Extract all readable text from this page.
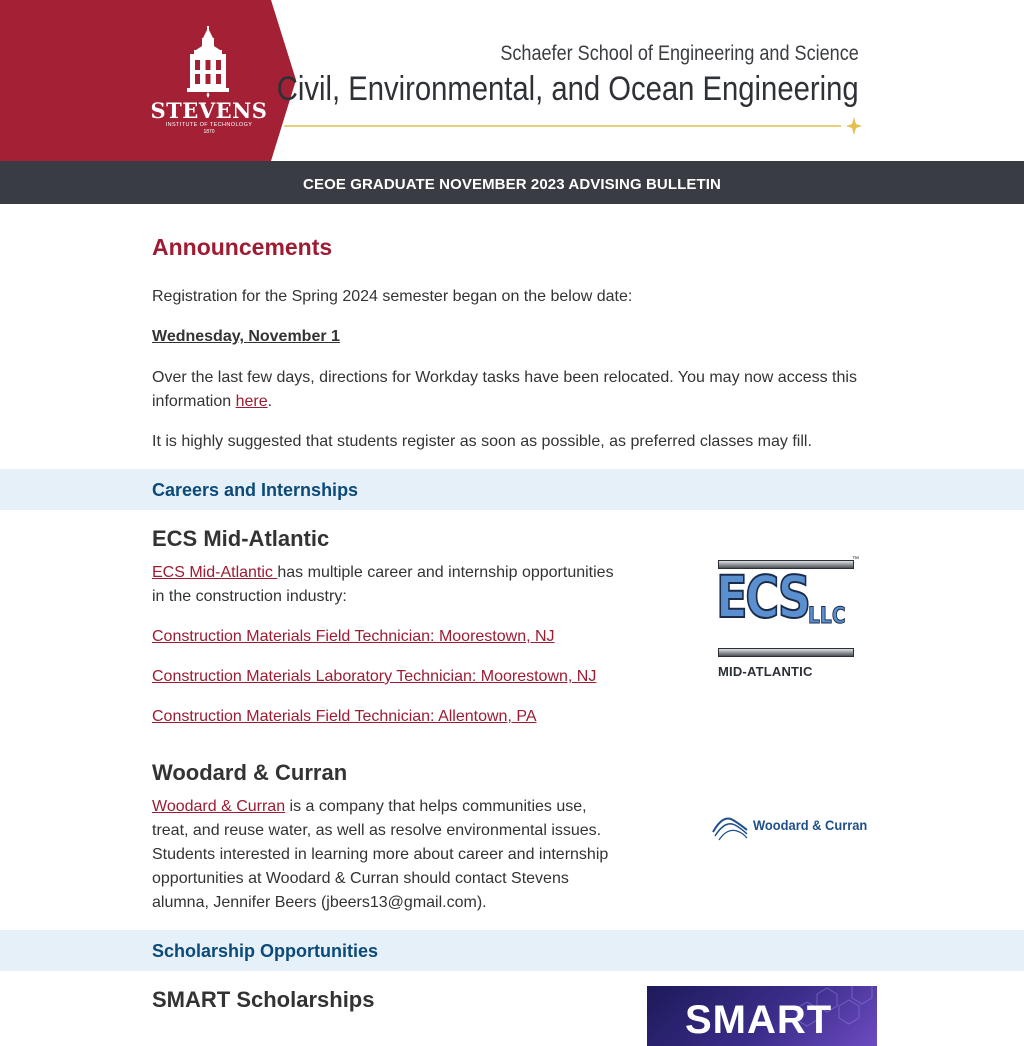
STEVENS
INSTITUTE OF TECHNOLOGY
1870
Schaefer School of Engineering and Science
Civil, Environmental, and Ocean Engineering
CEOE GRADUATE NOVEMBER 2023 ADVISING BULLETIN
Announcements
Registration for the Spring 2024 semester began on the below date:
Wednesday, November 1
Over the last few days, directions for Workday tasks have been relocated. You may now access this information here.
It is highly suggested that students register as soon as possible, as preferred classes may fill.
Careers and Internships
ECS Mid-Atlantic
ECS Mid-Atlantic has multiple career and internship opportunities in the construction industry:
Construction Materials Field Technician: Moorestown, NJ
Construction Materials Laboratory Technician: Moorestown, NJ
Construction Materials Field Technician: Allentown, PA
ECS LLC
MID-ATLANTIC
™
Woodard & Curran
Woodard & Curran is a company that helps communities use, treat, and reuse water, as well as resolve environmental issues. Students interested in learning more about career and internship opportunities at Woodard & Curran should contact Stevens alumna, Jennifer Beers (jbeers13@gmail.com).
Woodard & Curran
Scholarship Opportunities
SMART Scholarships	SMART
